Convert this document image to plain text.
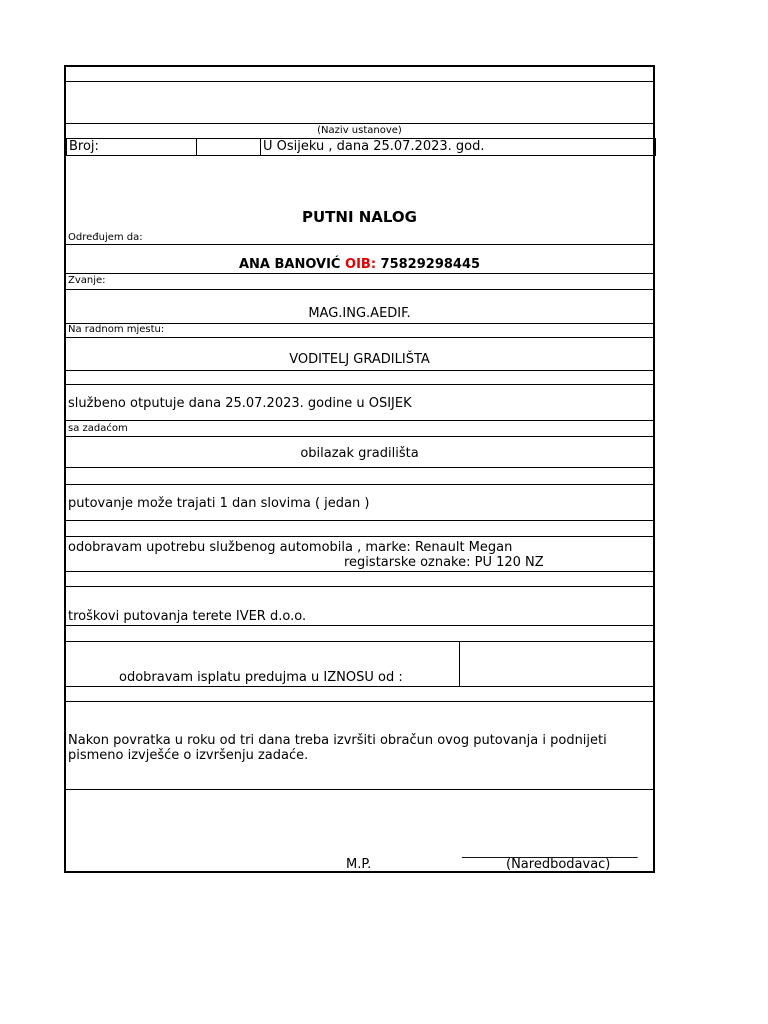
(Naziv ustanove)
Broj:	U Osijeku , dana 25.07.2023. god.
PUTNI NALOG
Određujem da:
ANA BANOVIĆ OIB: 75829298445
Zvanje:
MAG.ING.AEDIF.
Na radnom mjestu:
VODITELJ GRADILIŠTA
službeno otputuje dana 25.07.2023. godine u OSIJEK
sa zadaćom
obilazak gradilišta
putovanje može trajati 1 dan slovima ( jedan )
odobravam upotrebu službenog automobila , marke: Renault Megan
registarske oznake: PU 120 NZ
troškovi putovanja terete IVER d.o.o.
odobravam isplatu predujma u IZNOSU od :
Nakon povratka u roku od tri dana treba izvršiti obračun ovog putovanja i podnijeti
pismeno izvješće o izvršenju zadaće.
___________________________
M.P.	(Naredbodavac)
